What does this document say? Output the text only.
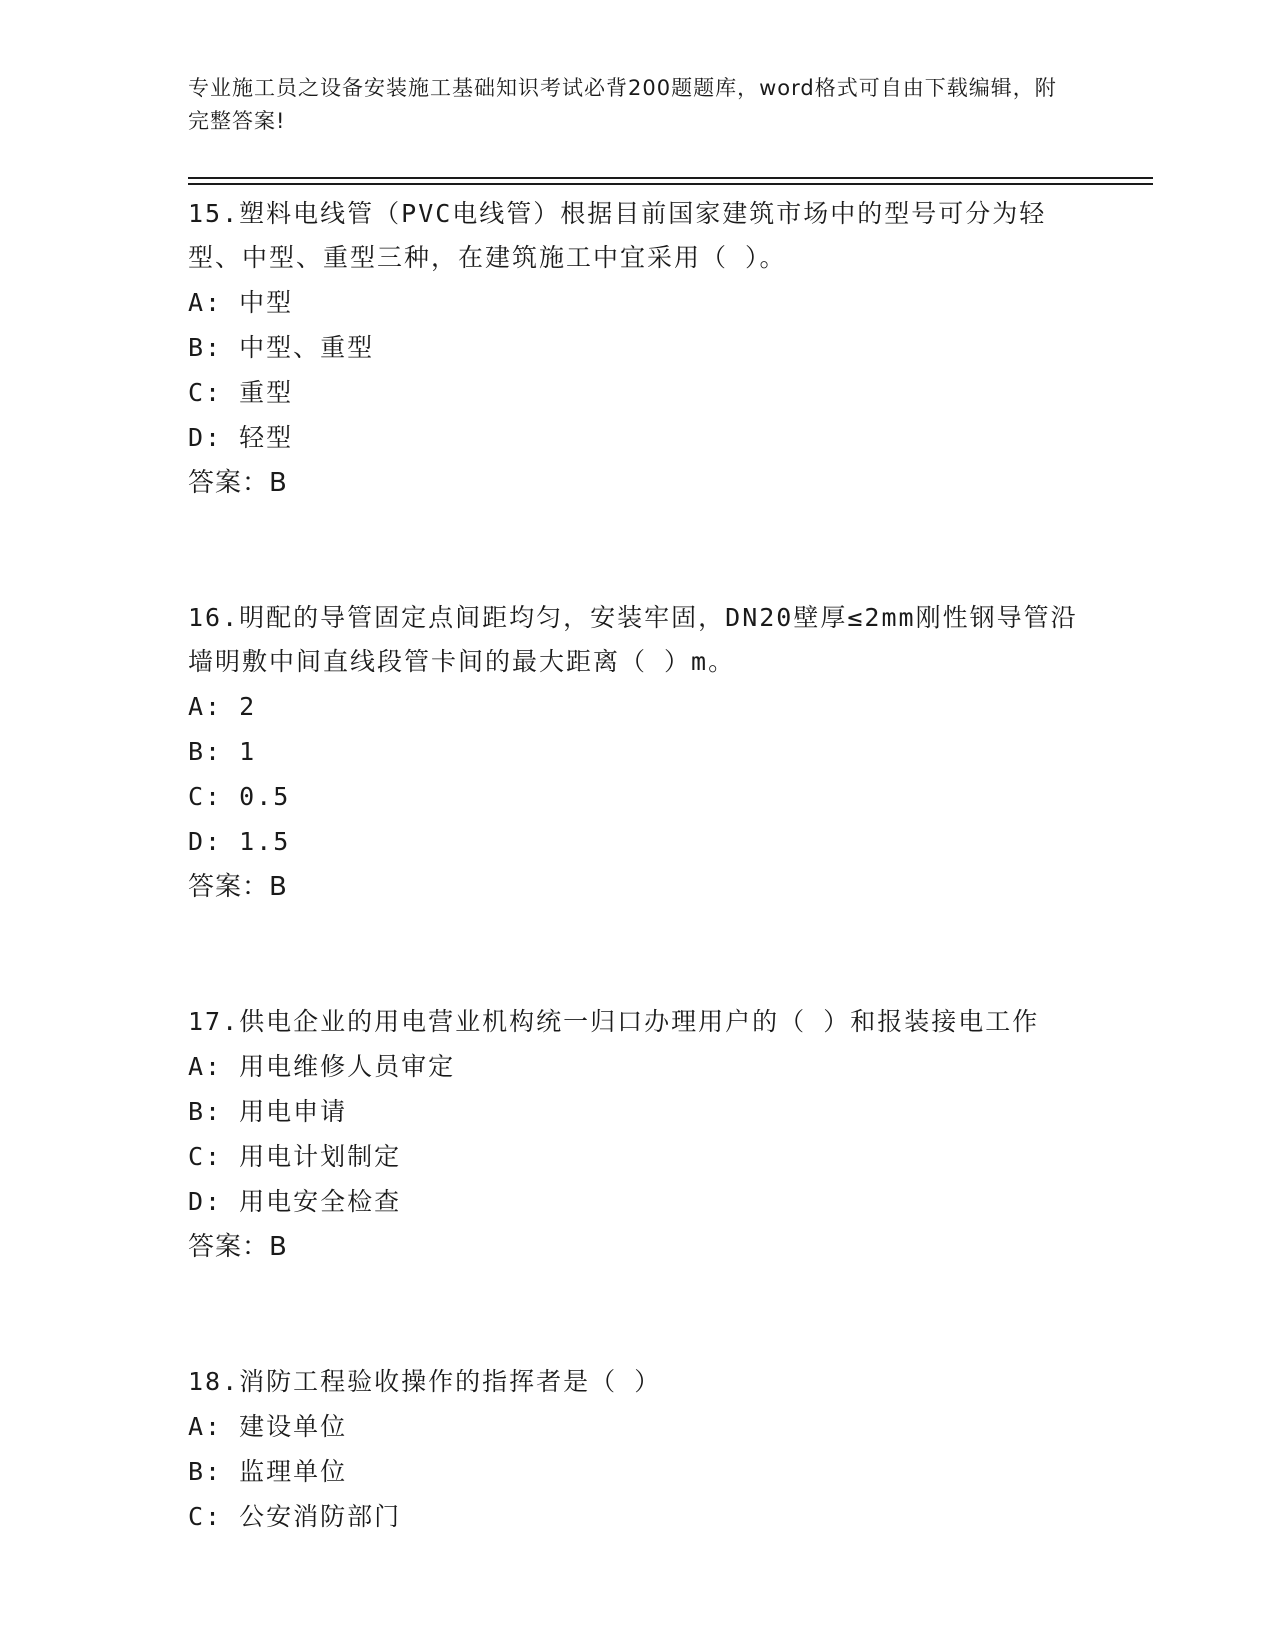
专业施工员之设备安装施工基础知识考试必背200题题库，word格式可自由下载编辑，附完整答案!
15.塑料电线管（PVC电线管）根据目前国家建筑市场中的型号可分为轻型、中型、重型三种，在建筑施工中宜采用（ ）。
A: 中型
B: 中型、重型
C: 重型
D: 轻型
答案：B
16.明配的导管固定点间距均匀，安装牢固，DN20壁厚≤2mm刚性钢导管沿墙明敷中间直线段管卡间的最大距离（ ）m。
A: 2
B: 1
C: 0.5
D: 1.5
答案：B
17.供电企业的用电营业机构统一归口办理用户的（ ）和报装接电工作
A: 用电维修人员审定
B: 用电申请
C: 用电计划制定
D: 用电安全检查
答案：B
18.消防工程验收操作的指挥者是（ ）
A: 建设单位
B: 监理单位
C: 公安消防部门
